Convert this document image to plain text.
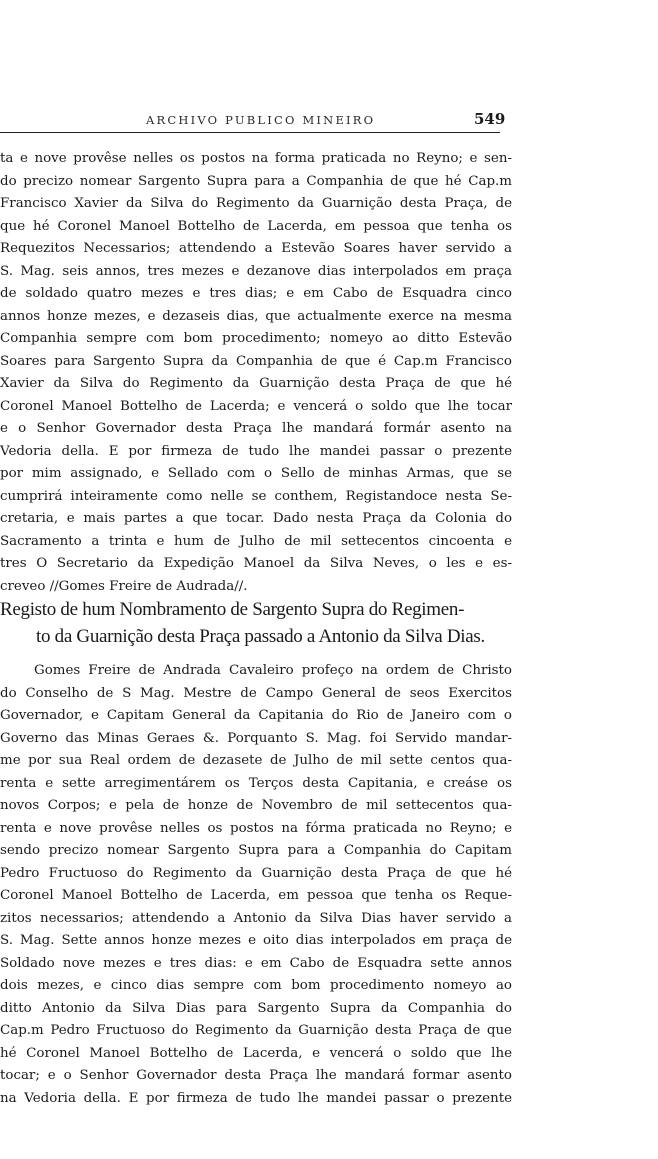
ARCHIVO PUBLICO MINEIRO	549
ta e nove provêse nelles os postos na forma praticada no Reyno; e sen-
do precizo nomear Sargento Supra para a Companhia de que hé Cap.m
Francisco Xavier da Silva do Regimento da Guarnição desta Praça, de
que hé Coronel Manoel Bottelho de Lacerda, em pessoa que tenha os
Requezitos Necessarios; attendendo a Estevão Soares haver servido a
S. Mag. seis annos, tres mezes e dezanove dias interpolados em praça
de soldado quatro mezes e tres dias; e em Cabo de Esquadra cinco
annos honze mezes, e dezaseis dias, que actualmente exerce na mesma
Companhia sempre com bom procedimento; nomeyo ao ditto Estevão
Soares para Sargento Supra da Companhia de que é Cap.m Francisco
Xavier da Silva do Regimento da Guarnição desta Praça de que hé
Coronel Manoel Bottelho de Lacerda; e vencerá o soldo que lhe tocar
e o Senhor Governador desta Praça lhe mandará formár asento na
Vedoria della. E por firmeza de tudo lhe mandei passar o prezente
por mim assignado, e Sellado com o Sello de minhas Armas, que se
cumprirá inteiramente como nelle se conthem, Registandoce nesta Se-
cretaria, e mais partes a que tocar. Dado nesta Praça da Colonia do
Sacramento a trinta e hum de Julho de mil settecentos cincoenta e
tres O Secretario da Expedição Manoel da Silva Neves, o les e es-
creveo //Gomes Freire de Audrada//.
Registo de hum Nombramento de Sargento Supra do Regimen-
to da Guarnição desta Praça passado a Antonio da Silva Dias.
Gomes Freire de Andrada Cavaleiro profeço na ordem de Christo
do Conselho de S Mag. Mestre de Campo General de seos Exercitos
Governador, e Capitam General da Capitania do Rio de Janeiro com o
Governo das Minas Geraes &. Porquanto S. Mag. foi Servido mandar-
me por sua Real ordem de dezasete de Julho de mil sette centos qua-
renta e sette arregimentárem os Terços desta Capitania, e creáse os
novos Corpos; e pela de honze de Novembro de mil settecentos qua-
renta e nove provêse nelles os postos na fórma praticada no Reyno; e
sendo precizo nomear Sargento Supra para a Companhia do Capitam
Pedro Fructuoso do Regimento da Guarnição desta Praça de que hé
Coronel Manoel Bottelho de Lacerda, em pessoa que tenha os Reque-
zitos necessarios; attendendo a Antonio da Silva Dias haver servido a
S. Mag. Sette annos honze mezes e oito dias interpolados em praça de
Soldado nove mezes e tres dias: e em Cabo de Esquadra sette annos
dois mezes, e cinco dias sempre com bom procedimento nomeyo ao
ditto Antonio da Silva Dias para Sargento Supra da Companhia do
Cap.m Pedro Fructuoso do Regimento da Guarnição desta Praça de que
hé Coronel Manoel Bottelho de Lacerda, e vencerá o soldo que lhe
tocar; e o Senhor Governador desta Praça lhe mandará formar asento
na Vedoria della. E por firmeza de tudo lhe mandei passar o prezente
